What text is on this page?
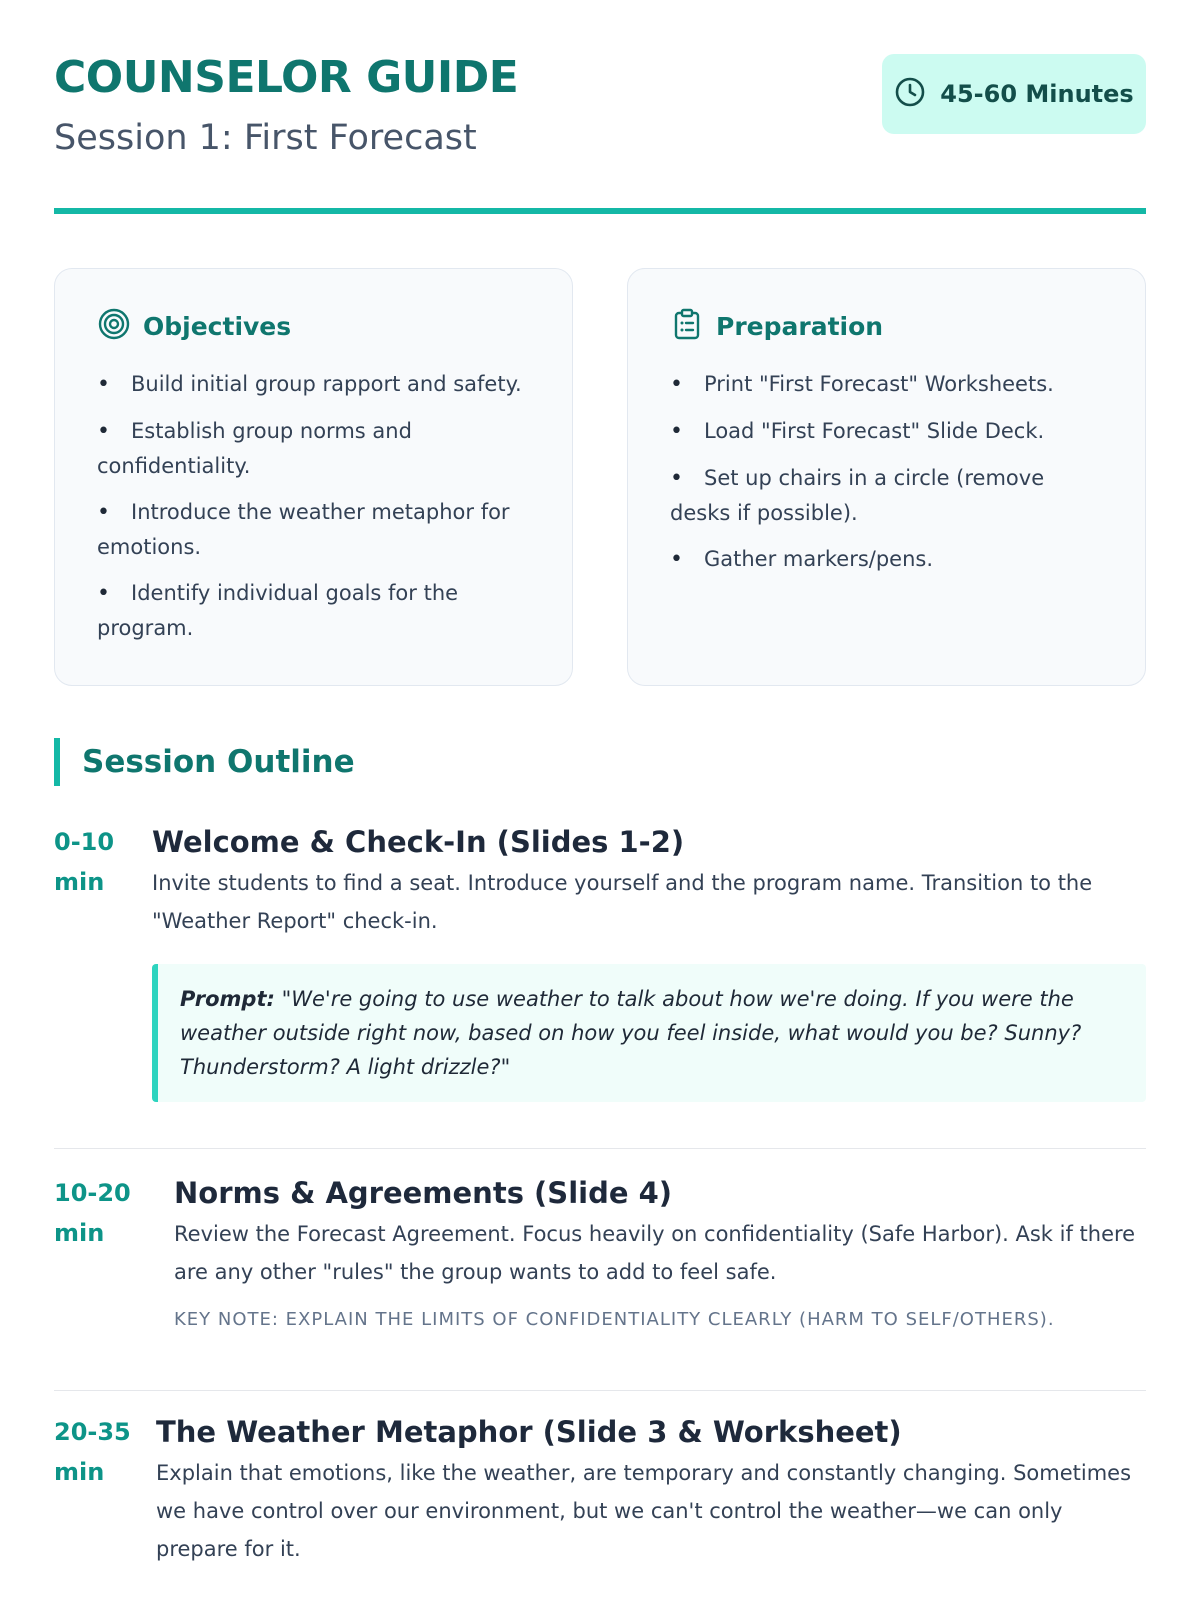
COUNSELOR GUIDE
Session 1: First Forecast
45-60 Minutes
Objectives
• Build initial group rapport and safety.
• Establish group norms and confidentiality.
• Introduce the weather metaphor for emotions.
• Identify individual goals for the program.
Preparation
• Print "First Forecast" Worksheets.
• Load "First Forecast" Slide Deck.
• Set up chairs in a circle (remove desks if possible).
• Gather markers/pens.
Session Outline
0-10 min
Welcome & Check-In (Slides 1-2)

Invite students to find a seat. Introduce yourself and the program name. Transition to the "Weather Report" check-in.

Prompt: "We're going to use weather to talk about how we're doing. If you were the weather outside right now, based on how you feel inside, what would you be? Sunny? Thunderstorm? A light drizzle?"
10-20 min
Norms & Agreements (Slide 4)

Review the Forecast Agreement. Focus heavily on confidentiality (Safe Harbor). Ask if there are any other "rules" the group wants to add to feel safe.

KEY NOTE: EXPLAIN THE LIMITS OF CONFIDENTIALITY CLEARLY (HARM TO SELF/OTHERS).

20-35 min
The Weather Metaphor (Slide 3 & Worksheet)

Explain that emotions, like the weather, are temporary and constantly changing. Sometimes we have control over our environment, but we can't control the weather—we can only prepare for it.
